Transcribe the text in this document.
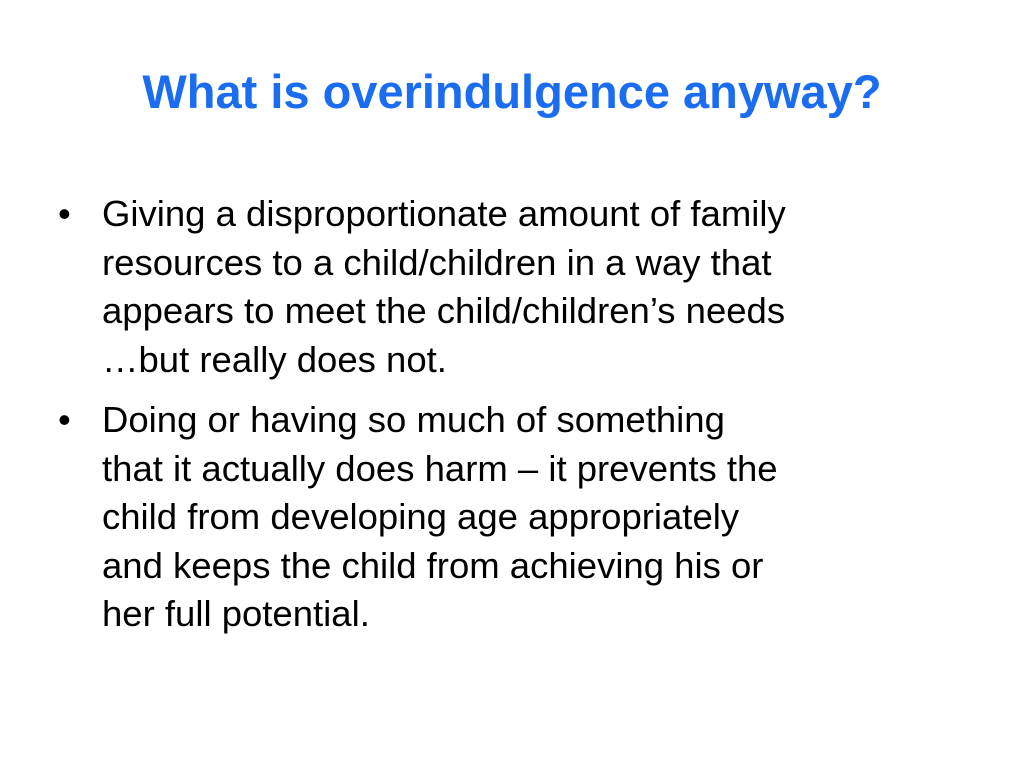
What is overindulgence anyway?
• Giving a disproportionate amount of family
resources to a child/children in a way that
appears to meet the child/children’s needs
…but really does not.
• Doing or having so much of something
that it actually does harm – it prevents the
child from developing age appropriately
and keeps the child from achieving his or
her full potential.
